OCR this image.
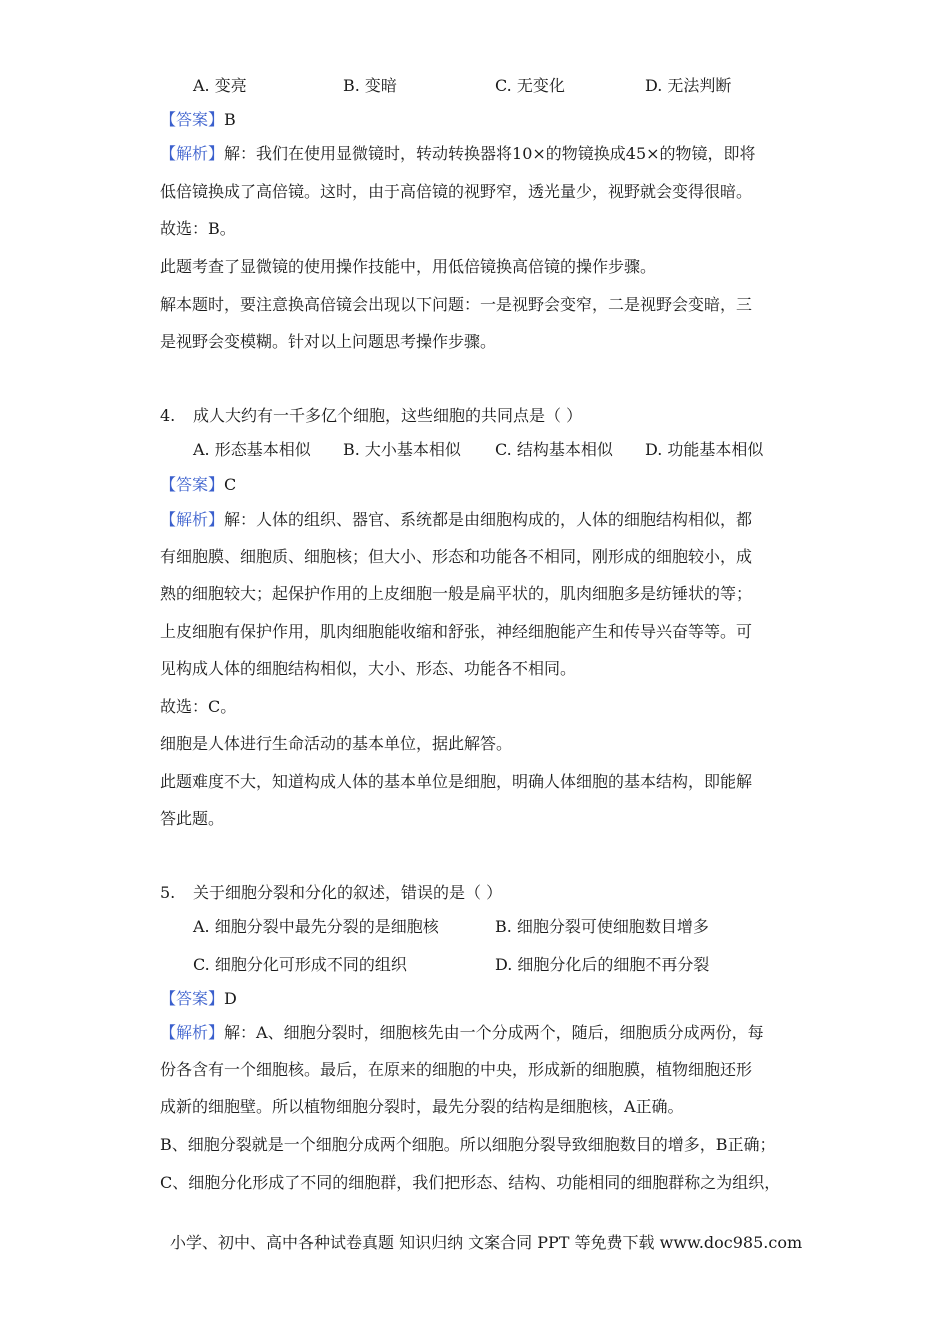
A. 变亮	B. 变暗	C. 无变化	D. 无法判断
【答案】B
【解析】解：我们在使用显微镜时，转动转换器将10×的物镜换成45×的物镜，即将
低倍镜换成了高倍镜。这时，由于高倍镜的视野窄，透光量少，视野就会变得很暗。
故选：B。
此题考查了显微镜的使用操作技能中，用低倍镜换高倍镜的操作步骤。
解本题时，要注意换高倍镜会出现以下问题：一是视野会变窄，二是视野会变暗，三
是视野会变模糊。针对以上问题思考操作步骤。
4. 成人大约有一千多亿个细胞，这些细胞的共同点是（ ）
A. 形态基本相似 B. 大小基本相似 C. 结构基本相似 D. 功能基本相似
【答案】C
【解析】解：人体的组织、器官、系统都是由细胞构成的，人体的细胞结构相似，都
有细胞膜、细胞质、细胞核；但大小、形态和功能各不相同，刚形成的细胞较小，成
熟的细胞较大；起保护作用的上皮细胞一般是扁平状的，肌肉细胞多是纺锤状的等；
上皮细胞有保护作用，肌肉细胞能收缩和舒张，神经细胞能产生和传导兴奋等等。可
见构成人体的细胞结构相似，大小、形态、功能各不相同。
故选：C。
细胞是人体进行生命活动的基本单位，据此解答。
此题难度不大，知道构成人体的基本单位是细胞，明确人体细胞的基本结构，即能解
答此题。
5. 关于细胞分裂和分化的叙述，错误的是（ ）
A. 细胞分裂中最先分裂的是细胞核	B. 细胞分裂可使细胞数目增多
C. 细胞分化可形成不同的组织	D. 细胞分化后的细胞不再分裂
【答案】D
【解析】解：A、细胞分裂时，细胞核先由一个分成两个，随后，细胞质分成两份，每
份各含有一个细胞核。最后，在原来的细胞的中央，形成新的细胞膜，植物细胞还形
成新的细胞壁。所以植物细胞分裂时，最先分裂的结构是细胞核，A正确。
B、细胞分裂就是一个细胞分成两个细胞。所以细胞分裂导致细胞数目的增多，B正确；
C、细胞分化形成了不同的细胞群，我们把形态、结构、功能相同的细胞群称之为组织，
小学、初中、高中各种试卷真题 知识归纳 文案合同 PPT 等免费下载 www.doc985.com
